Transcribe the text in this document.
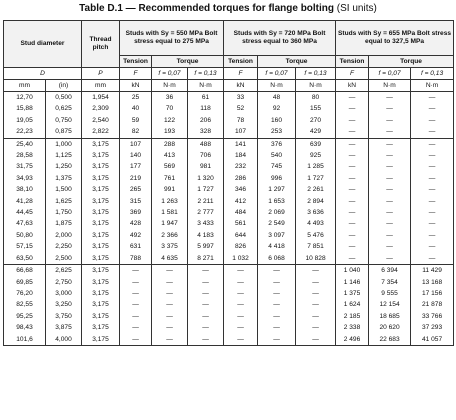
Table D.1 — Recommended torques for flange bolting (SI units)
Stud diameter		Thread pitch	Studs with Sy = 550 MPa Bolt stress equal to 275 MPa			Studs with Sy = 720 MPa Bolt stress equal to 360 MPa			Studs with Sy = 655 MPa Bolt stress equal to 327,5 MPa		
			Tension	Torque		Tension	Torque		Tension	Torque	
D		P	F	f = 0,07	f = 0,13	F	f = 0,07	f = 0,13	F	f = 0,07	f = 0,13
mm	(in)	mm	kN	N·m	N·m	kN	N·m	N·m	kN	N·m	N·m
12,70	0,500	1,954	25	36	61	33	48	80	—	—	—
15,88	0,625	2,309	40	70	118	52	92	155	—	—	—
19,05	0,750	2,540	59	122	206	78	160	270	—	—	—
22,23	0,875	2,822	82	193	328	107	253	429	—	—	—
25,40	1,000	3,175	107	288	488	141	376	639	—	—	—
28,58	1,125	3,175	140	413	706	184	540	925	—	—	—
31,75	1,250	3,175	177	569	981	232	745	1 285	—	—	—
34,93	1,375	3,175	219	761	1 320	286	996	1 727	—	—	—
38,10	1,500	3,175	265	991	1 727	346	1 297	2 261	—	—	—
41,28	1,625	3,175	315	1 263	2 211	412	1 653	2 894	—	—	—
44,45	1,750	3,175	369	1 581	2 777	484	2 069	3 636	—	—	—
47,63	1,875	3,175	428	1 947	3 433	561	2 549	4 493	—	—	—
50,80	2,000	3,175	492	2 366	4 183	644	3 097	5 476	—	—	—
57,15	2,250	3,175	631	3 375	5 997	826	4 418	7 851	—	—	—
63,50	2,500	3,175	788	4 635	8 271	1 032	6 068	10 828	—	—	—
66,68	2,625	3,175	—	—	—	—	—	—	1 040	6 394	11 429
69,85	2,750	3,175	—	—	—	—	—	—	1 146	7 354	13 168
76,20	3,000	3,175	—	—	—	—	—	—	1 375	9 555	17 156
82,55	3,250	3,175	—	—	—	—	—	—	1 624	12 154	21 878
95,25	3,750	3,175	—	—	—	—	—	—	2 185	18 685	33 766
98,43	3,875	3,175	—	—	—	—	—	—	2 338	20 620	37 293
101,6	4,000	3,175	—	—	—	—	—	—	2 496	22 683	41 057
